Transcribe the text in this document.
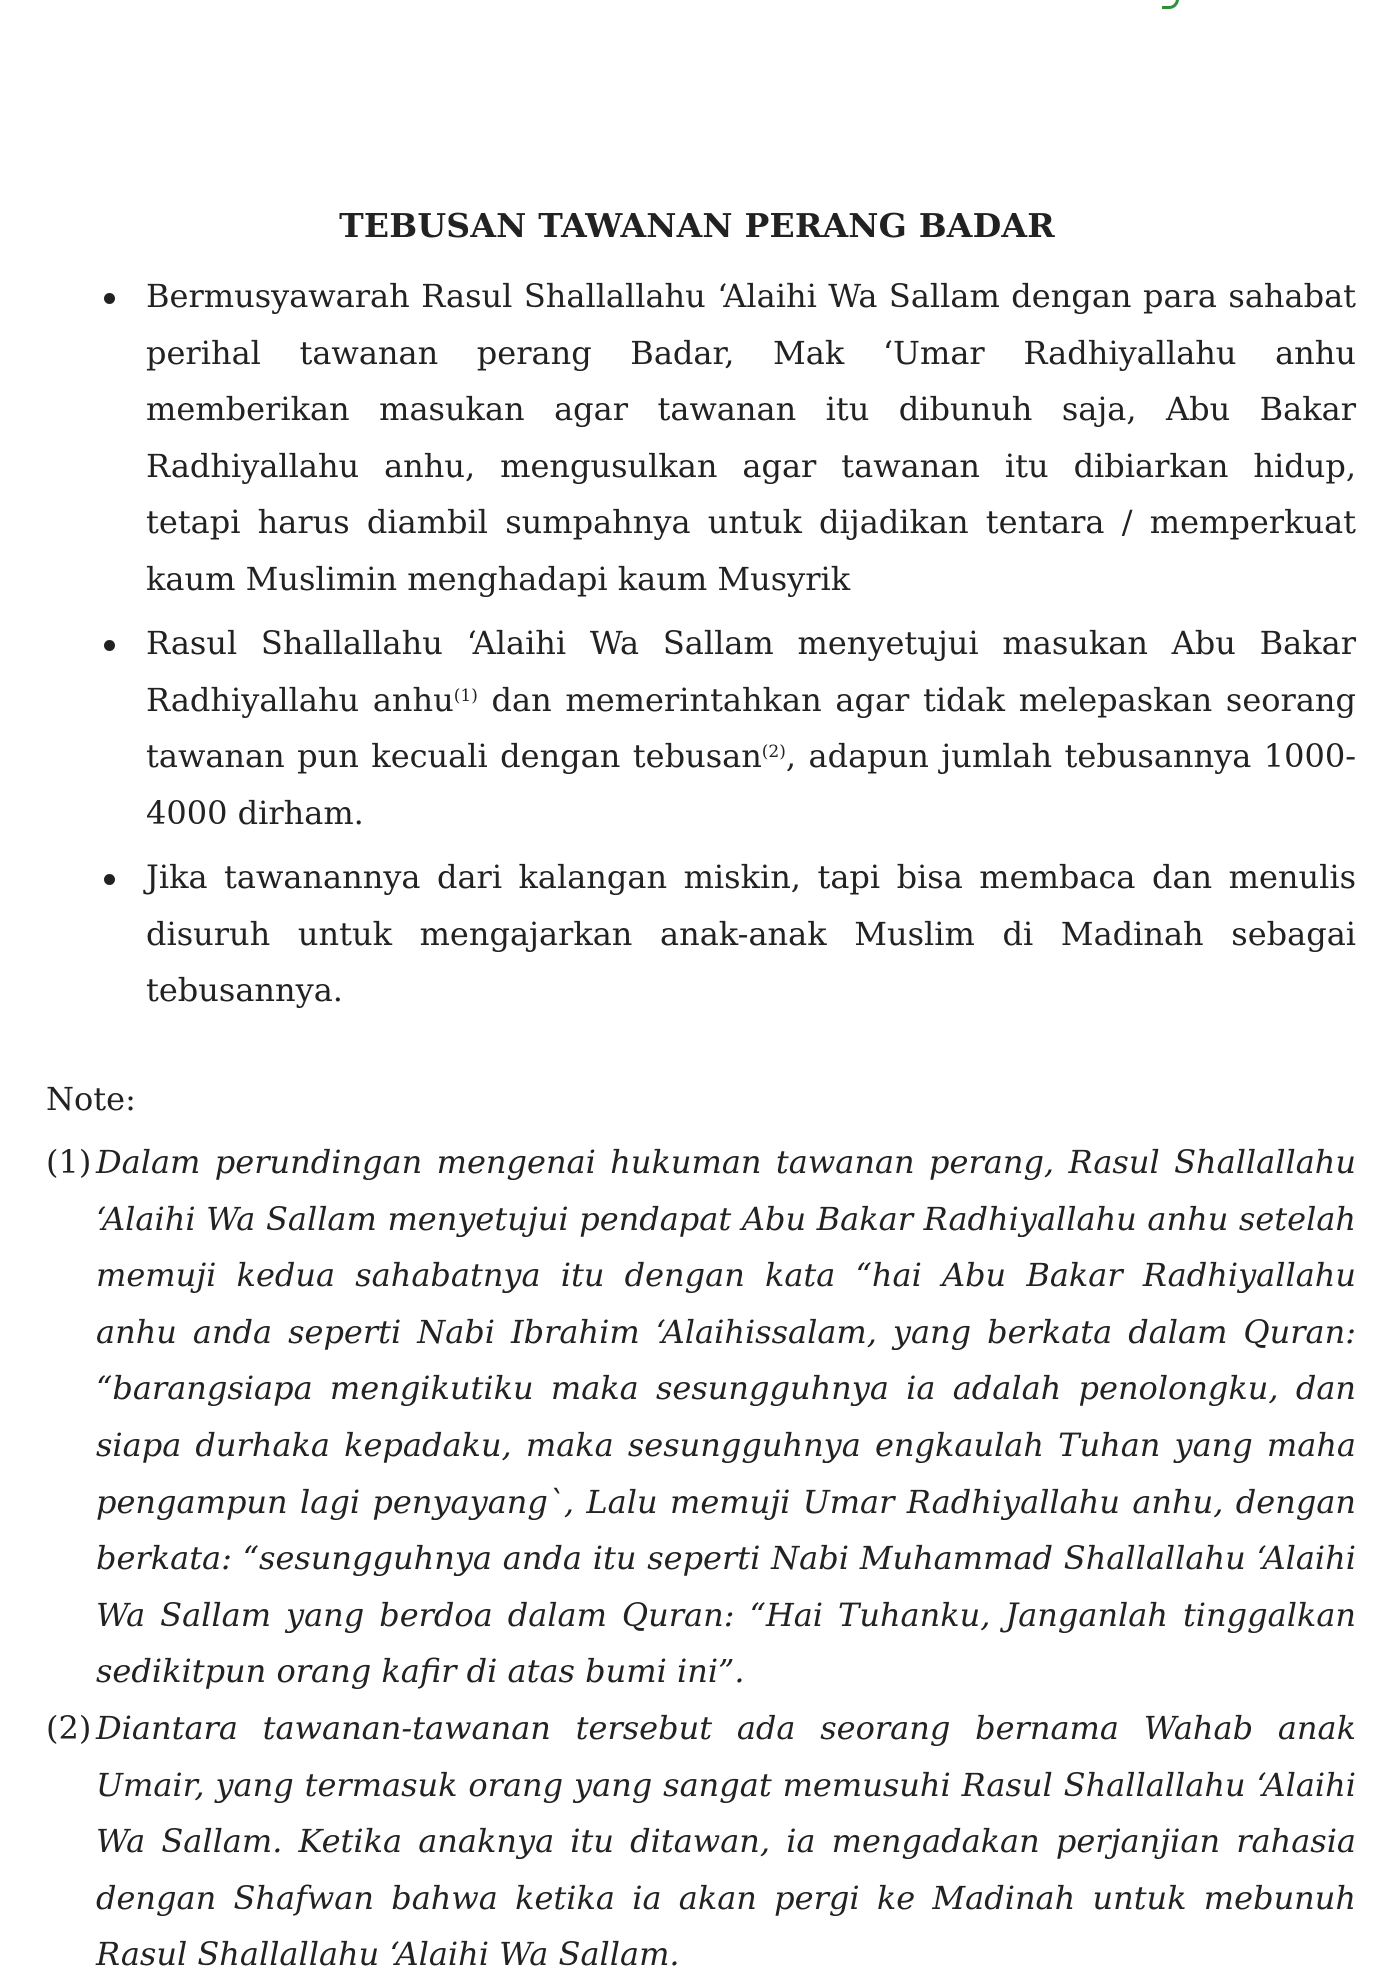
TEBUSAN TAWANAN PERANG BADAR
Bermusyawarah Rasul Shallallahu ‘Alaihi Wa Sallam dengan para sahabat perihal tawanan perang Badar, Mak ‘Umar Radhiyallahu anhu memberikan masukan agar tawanan itu dibunuh saja, Abu Bakar Radhiyallahu anhu, mengusulkan agar tawanan itu dibiarkan hidup, tetapi harus diambil sumpahnya untuk dijadikan tentara / memperkuat kaum Muslimin menghadapi kaum Musyrik
Rasul Shallallahu ‘Alaihi Wa Sallam menyetujui masukan Abu Bakar Radhiyallahu anhu$^{(1)}$ dan memerintahkan agar tidak melepaskan seorang tawanan pun kecuali dengan tebusan$^{(2)}$, adapun jumlah tebusannya 1000-4000 dirham.
Jika tawanannya dari kalangan miskin, tapi bisa membaca dan menulis disuruh untuk mengajarkan anak-anak Muslim di Madinah sebagai tebusannya.
Note:
(1) Dalam perundingan mengenai hukuman tawanan perang, Rasul Shallallahu ‘Alaihi Wa Sallam menyetujui pendapat Abu Bakar Radhiyallahu anhu setelah memuji kedua sahabatnya itu dengan kata “hai Abu Bakar Radhiyallahu anhu anda seperti Nabi Ibrahim ‘Alaihissalam, yang berkata dalam Quran: “barangsiapa mengikutiku maka sesungguhnya ia adalah penolongku, dan siapa durhaka kepadaku, maka sesungguhnya engkaulah Tuhan yang maha pengampun lagi penyayang`, Lalu memuji Umar Radhiyallahu anhu, dengan berkata: “sesungguhnya anda itu seperti Nabi Muhammad Shallallahu ‘Alaihi Wa Sallam yang berdoa dalam Quran: “Hai Tuhanku, Janganlah tinggalkan sedikitpun orang kafir di atas bumi ini”.
(2) Diantara tawanan-tawanan tersebut ada seorang bernama Wahab anak Umair, yang termasuk orang yang sangat memusuhi Rasul Shallallahu ‘Alaihi Wa Sallam. Ketika anaknya itu ditawan, ia mengadakan perjanjian rahasia dengan Shafwan bahwa ketika ia akan pergi ke Madinah untuk mebunuh Rasul Shallallahu ‘Alaihi Wa Sallam.
